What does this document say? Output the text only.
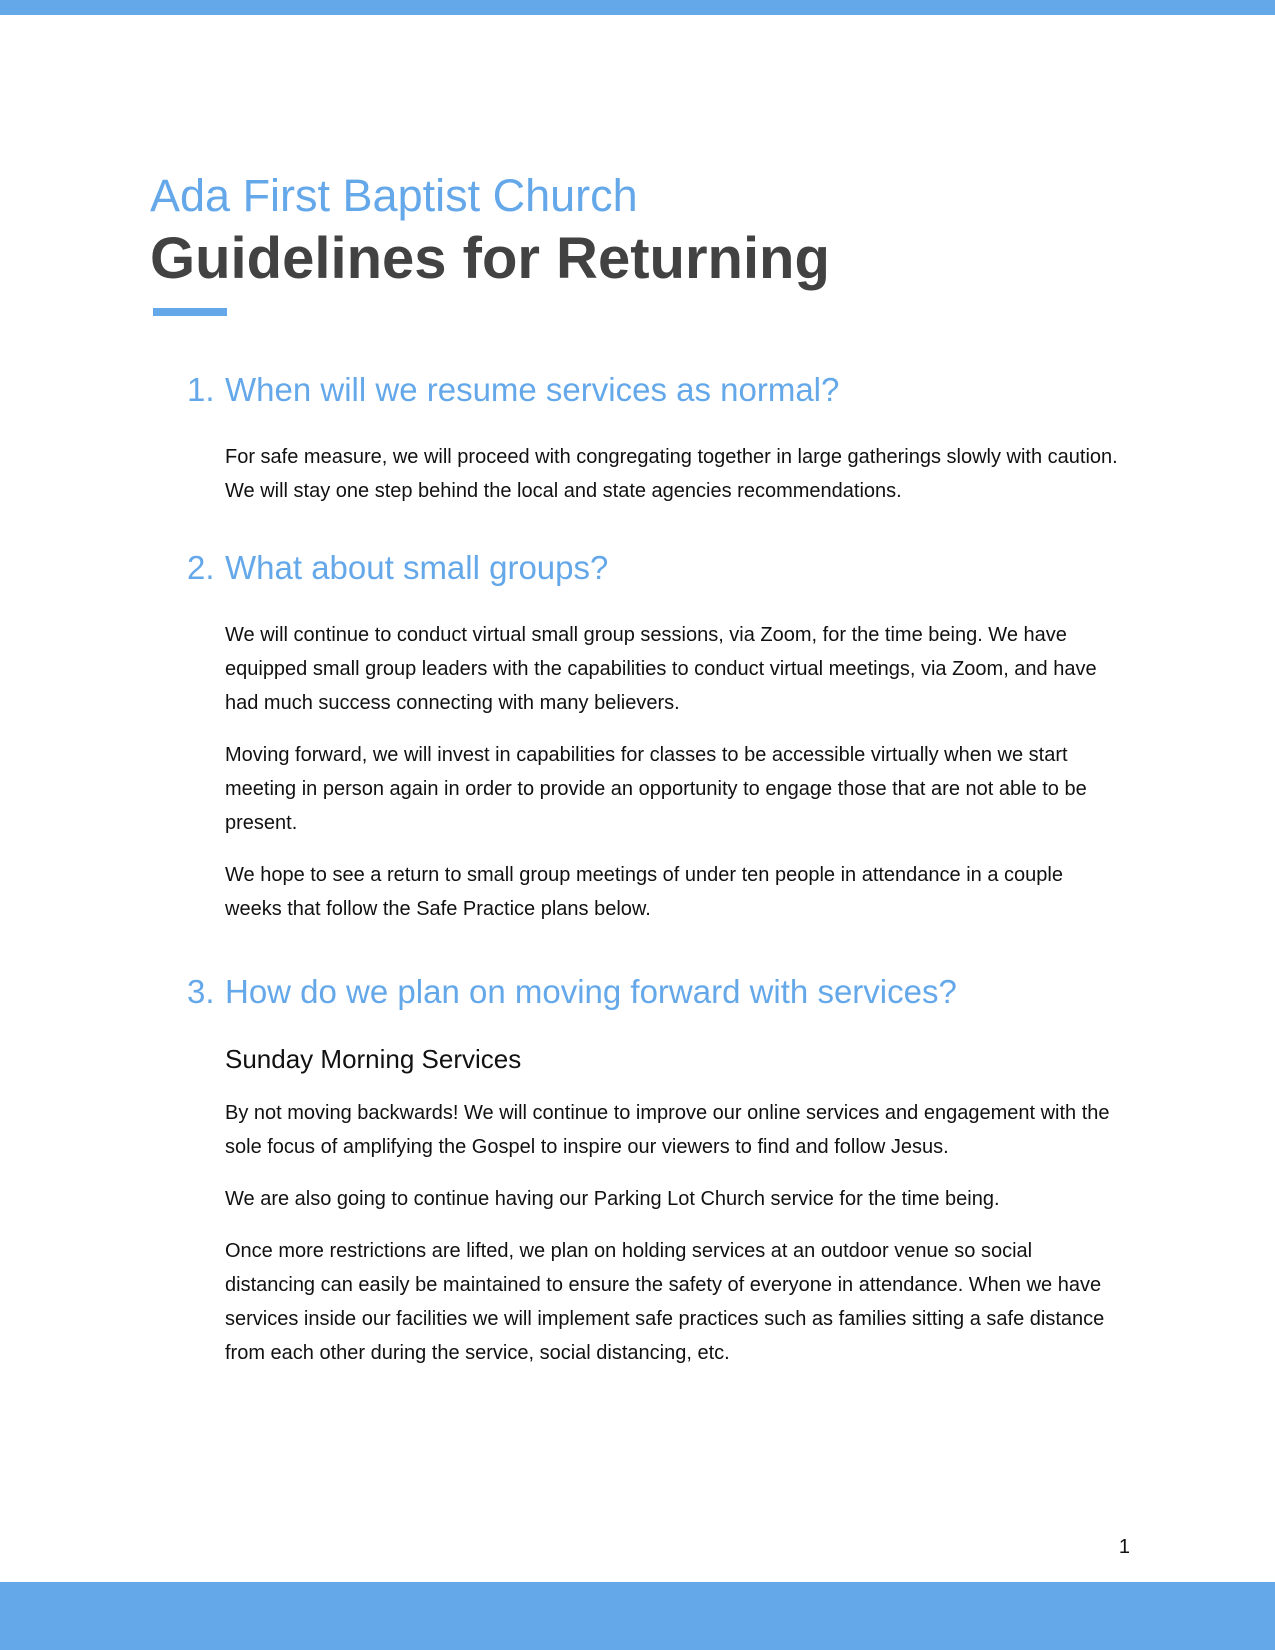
Ada First Baptist Church
Guidelines for Returning
1. When will we resume services as normal?

For safe measure, we will proceed with congregating together in large gatherings slowly with caution. We will stay one step behind the local and state agencies recommendations.

2. What about small groups?

We will continue to conduct virtual small group sessions, via Zoom, for the time being. We have equipped small group leaders with the capabilities to conduct virtual meetings, via Zoom, and have had much success connecting with many believers.

Moving forward, we will invest in capabilities for classes to be accessible virtually when we start meeting in person again in order to provide an opportunity to engage those that are not able to be present.

We hope to see a return to small group meetings of under ten people in attendance in a couple weeks that follow the Safe Practice plans below.

3. How do we plan on moving forward with services?
Sunday Morning Services

By not moving backwards! We will continue to improve our online services and engagement with the sole focus of amplifying the Gospel to inspire our viewers to find and follow Jesus.

We are also going to continue having our Parking Lot Church service for the time being.

Once more restrictions are lifted, we plan on holding services at an outdoor venue so social distancing can easily be maintained to ensure the safety of everyone in attendance. When we have services inside our facilities we will implement safe practices such as families sitting a safe distance from each other during the service, social distancing, etc.

1
